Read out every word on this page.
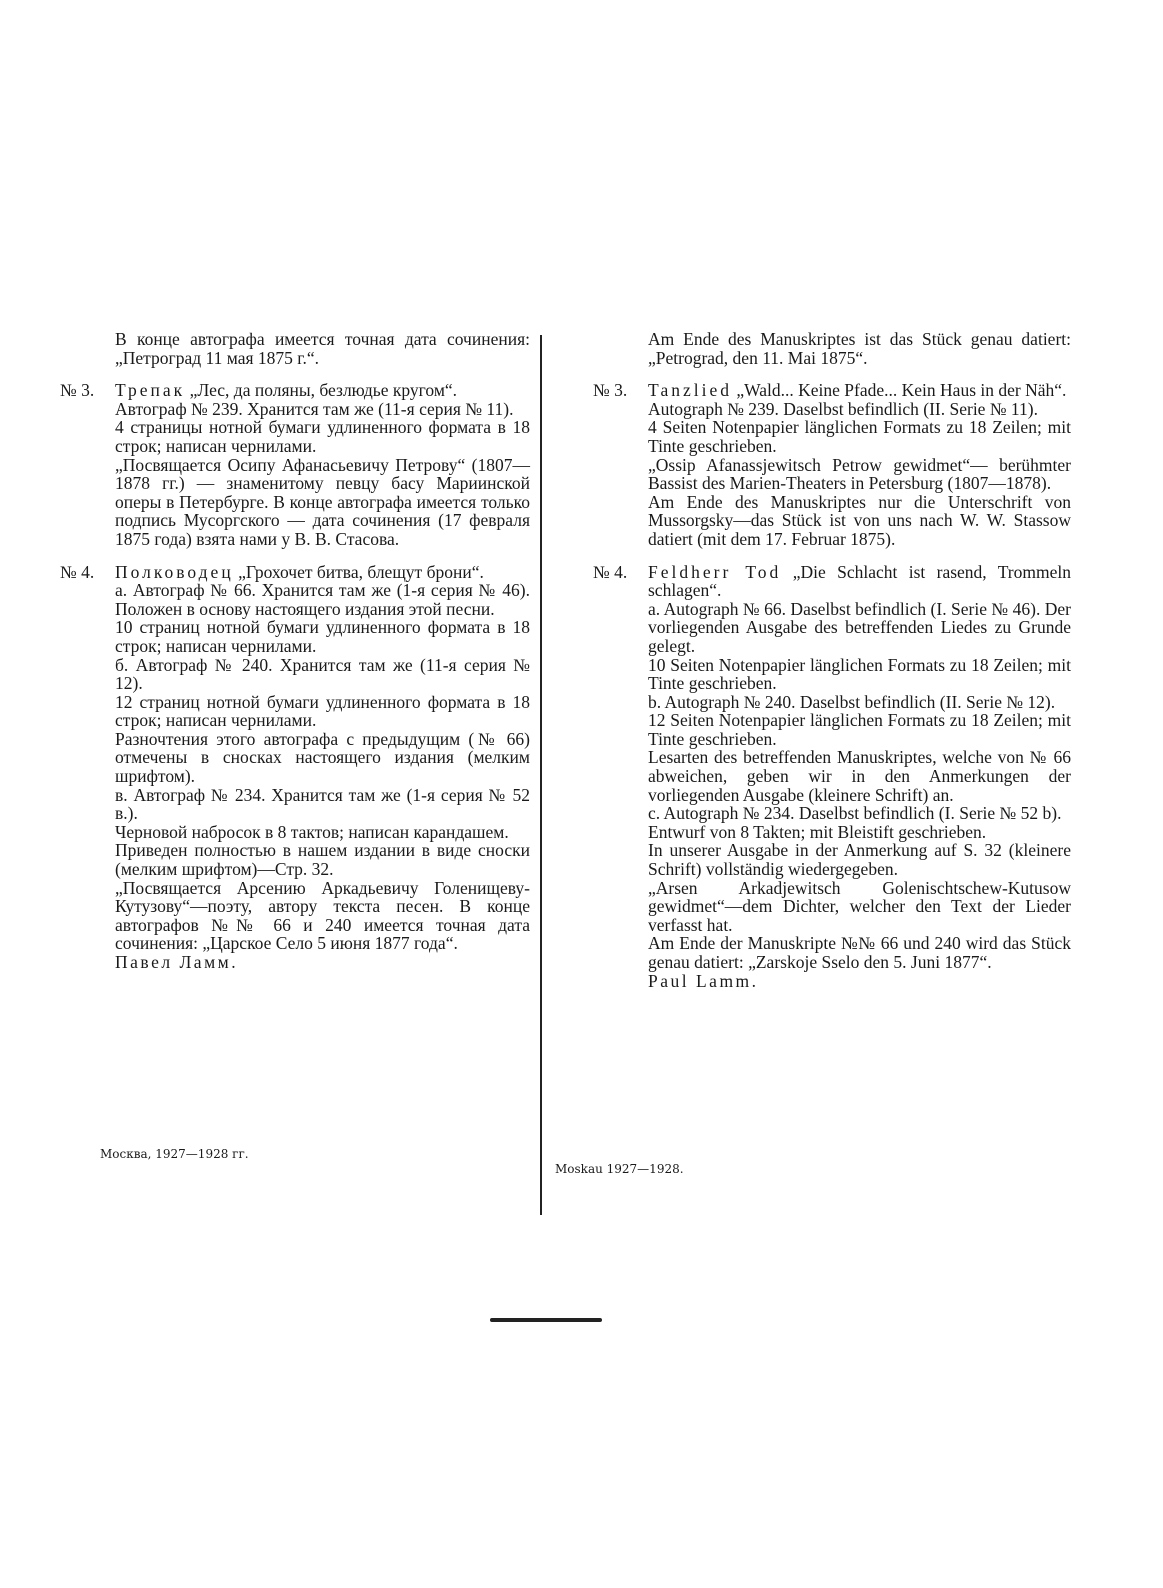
В конце автографа имеется точная дата сочинения: „Петроград 11 мая 1875 г.“.

№ 3.	Трепак „Лес, да поляны, безлюдье кругом“.

Автограф № 239. Хранится там же (11-я серия № 11).

4 страницы нотной бумаги удлиненного формата в 18 строк; написан чернилами.

„Посвящается Осипу Афанасьевичу Петрову“ (1807—1878 гг.) — знаменитому певцу басу Мариинской оперы в Петербурге. В конце автографа имеется только подпись Мусоргского — дата сочинения (17 февраля 1875 года) взята нами у В. В. Стасова.

№ 4.	Полководец „Грохочет битва, блещут брони“.

а. Автограф № 66. Хранится там же (1-я серия № 46). Положен в основу настоящего издания этой песни.

10 страниц нотной бумаги удлиненного формата в 18 строк; написан чернилами.

б. Автограф № 240. Хранится там же (11-я серия № 12).

12 страниц нотной бумаги удлиненного формата в 18 строк; написан чернилами.

Разночтения этого автографа с предыдущим (№ 66) отмечены в сносках настоящего издания (мелким шрифтом).

в. Автограф № 234. Хранится там же (1-я серия № 52 в.).

Черновой набросок в 8 тактов; написан карандашем.

Приведен полностью в нашем издании в виде сноски (мелким шрифтом)—Стр. 32.

„Посвящается Арсению Аркадьевичу Голенищеву-Кутузову“—поэту, автору текста песен. В конце автографов №№ 66 и 240 имеется точная дата сочинения: „Царское Село 5 июня 1877 года“.

Павел Ламм.

Москва, 1927—1928 гг.

Am Ende des Manuskriptes ist das Stück genau datiert: „Petrograd, den 11. Mai 1875“.

№ 3.	Tanzlied „Wald... Keine Pfade... Kein Haus in der Näh“.

Autograph № 239. Daselbst befindlich (II. Serie № 11).

4 Seiten Notenpapier länglichen Formats zu 18 Zeilen; mit Tinte geschrieben.

„Ossip Afanassjewitsch Petrow gewidmet“— berühmter Bassist des Marien-Theaters in Petersburg (1807—1878).

Am Ende des Manuskriptes nur die Unterschrift von Mussorgsky—das Stück ist von uns nach W. W. Stassow datiert (mit dem 17. Februar 1875).

№ 4.	Feldherr Tod „Die Schlacht ist rasend, Trommeln schlagen“.

a. Autograph № 66. Daselbst befindlich (I. Serie № 46). Der vorliegenden Ausgabe des betreffenden Liedes zu Grunde gelegt.

10 Seiten Notenpapier länglichen Formats zu 18 Zeilen; mit Tinte geschrieben.

b. Autograph № 240. Daselbst befindlich (II. Serie № 12).

12 Seiten Notenpapier länglichen Formats zu 18 Zeilen; mit Tinte geschrieben.

Lesarten des betreffenden Manuskriptes, welche von № 66 abweichen, geben wir in den Anmerkungen der vorliegenden Ausgabe (kleinere Schrift) an.

c. Autograph № 234. Daselbst befindlich (I. Serie № 52 b).

Entwurf von 8 Takten; mit Bleistift geschrieben.

In unserer Ausgabe in der Anmerkung auf S. 32 (kleinere Schrift) vollständig wiedergegeben.

„Arsen Arkadjewitsch Golenischtschew-Kutusow gewidmet“—dem Dichter, welcher den Text der Lieder verfasst hat.

Am Ende der Manuskripte №№ 66 und 240 wird das Stück genau datiert: „Zarskoje Sselo den 5. Juni 1877“.

Paul Lamm.

Moskau 1927—1928.
